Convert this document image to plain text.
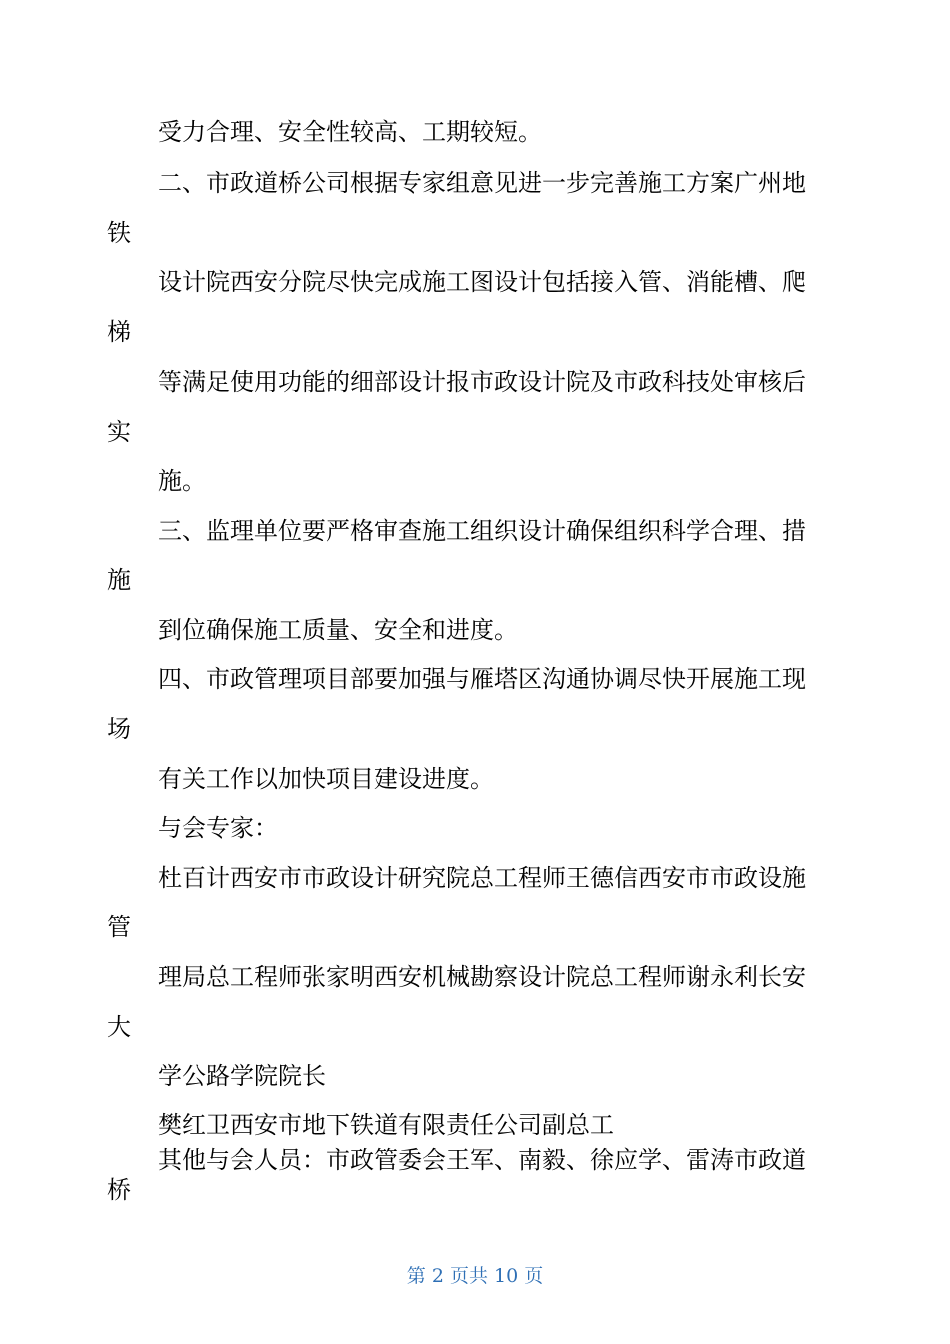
受力合理、安全性较高、工期较短。
二、市政道桥公司根据专家组意见进一步完善施工方案广州地
铁
设计院西安分院尽快完成施工图设计包括接入管、消能槽、爬
梯
等满足使用功能的细部设计报市政设计院及市政科技处审核后
实
施。
三、监理单位要严格审查施工组织设计确保组织科学合理、措
施
到位确保施工质量、安全和进度。
四、市政管理项目部要加强与雁塔区沟通协调尽快开展施工现
场
有关工作以加快项目建设进度。
与会专家：
杜百计西安市市政设计研究院总工程师王德信西安市市政设施
管
理局总工程师张家明西安机械勘察设计院总工程师谢永利长安
大
学公路学院院长
樊红卫西安市地下铁道有限责任公司副总工
其他与会人员：市政管委会王军、南毅、徐应学、雷涛市政道
桥
第 2 页共 10 页
